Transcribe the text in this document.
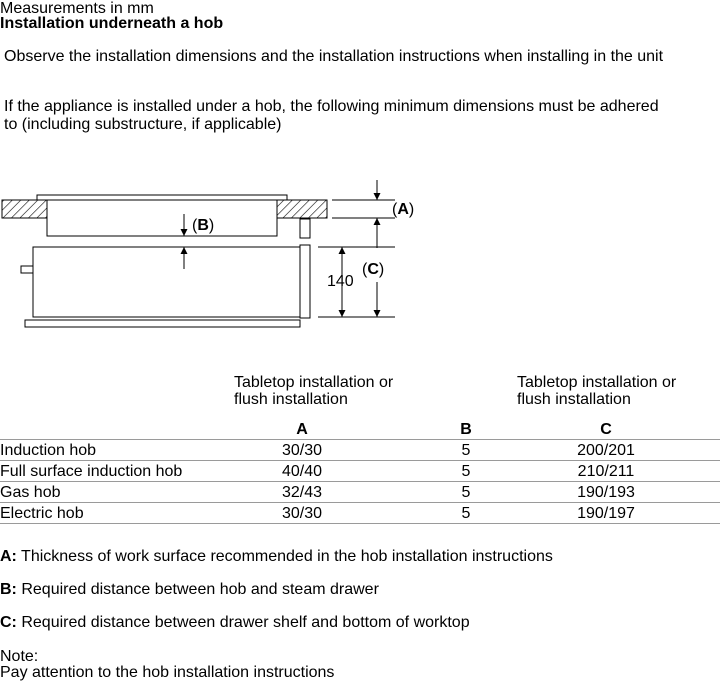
Measurements in mm
Installation underneath a hob
Observe the installation dimensions and the installation instructions when installing in the unit
If the appliance is installed under a hob, the following minimum dimensions must be adhered
to (including substructure, if applicable)
(B)
(A)
140
(C)
Tabletop installation or
flush installation
Tabletop installation or
flush installation
A	B	C
Induction hob	30/30	5	200/201
Full surface induction hob	40/40	5	210/211
Gas hob	32/43	5	190/193
Electric hob	30/30	5	190/197
A: Thickness of work surface recommended in the hob installation instructions
B: Required distance between hob and steam drawer
C: Required distance between drawer shelf and bottom of worktop
Note:
Pay attention to the hob installation instructions
